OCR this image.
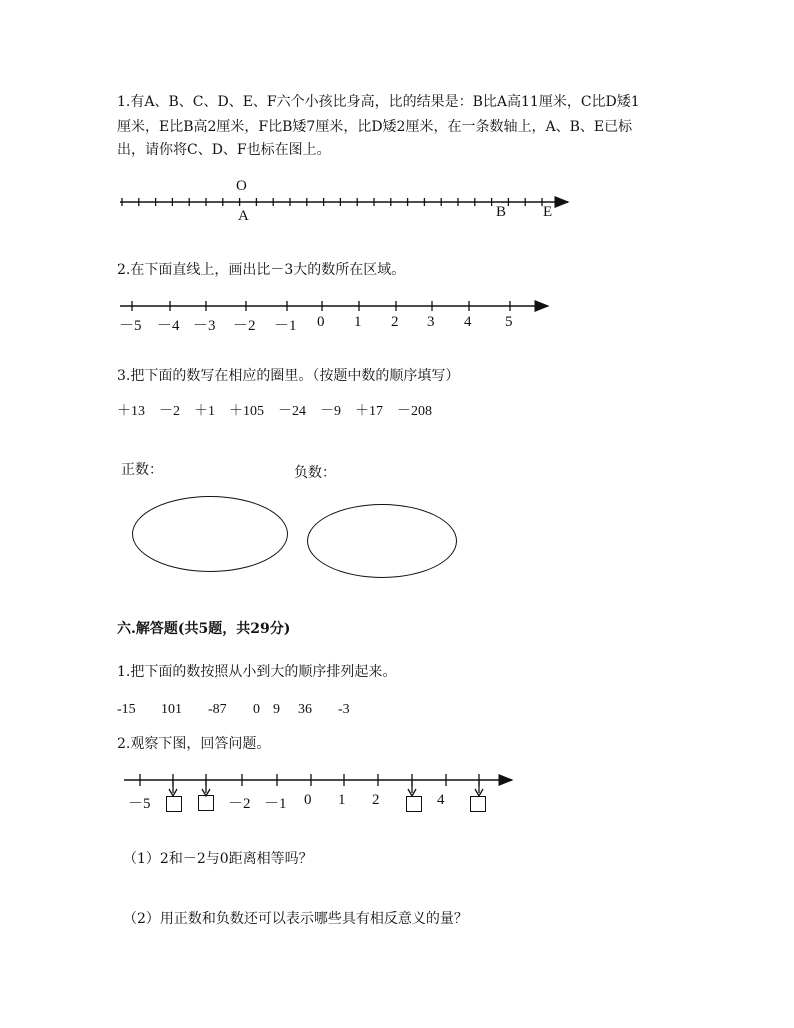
1.有A、B、C、D、E、F六个小孩比身高，比的结果是：B比A高11厘米，C比D矮1
厘米，E比B高2厘米，F比B矮7厘米，比D矮2厘米，在一条数轴上，A、B、E已标
出，请你将C、D、F也标在图上。
O
A	B E
2.在下面直线上，画出比－3大的数所在区域。
－5 －4 －3 －2 －1 0 1 2 3 4 5
3.把下面的数写在相应的圈里。（按题中数的顺序填写）
＋13　－2　＋1　＋105　－24　－9　＋17　－208
正数：	负数：
六.解答题(共5题，共29分)
1.把下面的数按照从小到大的顺序排列起来。
-15 101 -87 0 9 36 -3
2.观察下图，回答问题。
－5	－2 －1 0 1 2	4
（1）2和－2与0距离相等吗？
（2）用正数和负数还可以表示哪些具有相反意义的量？
